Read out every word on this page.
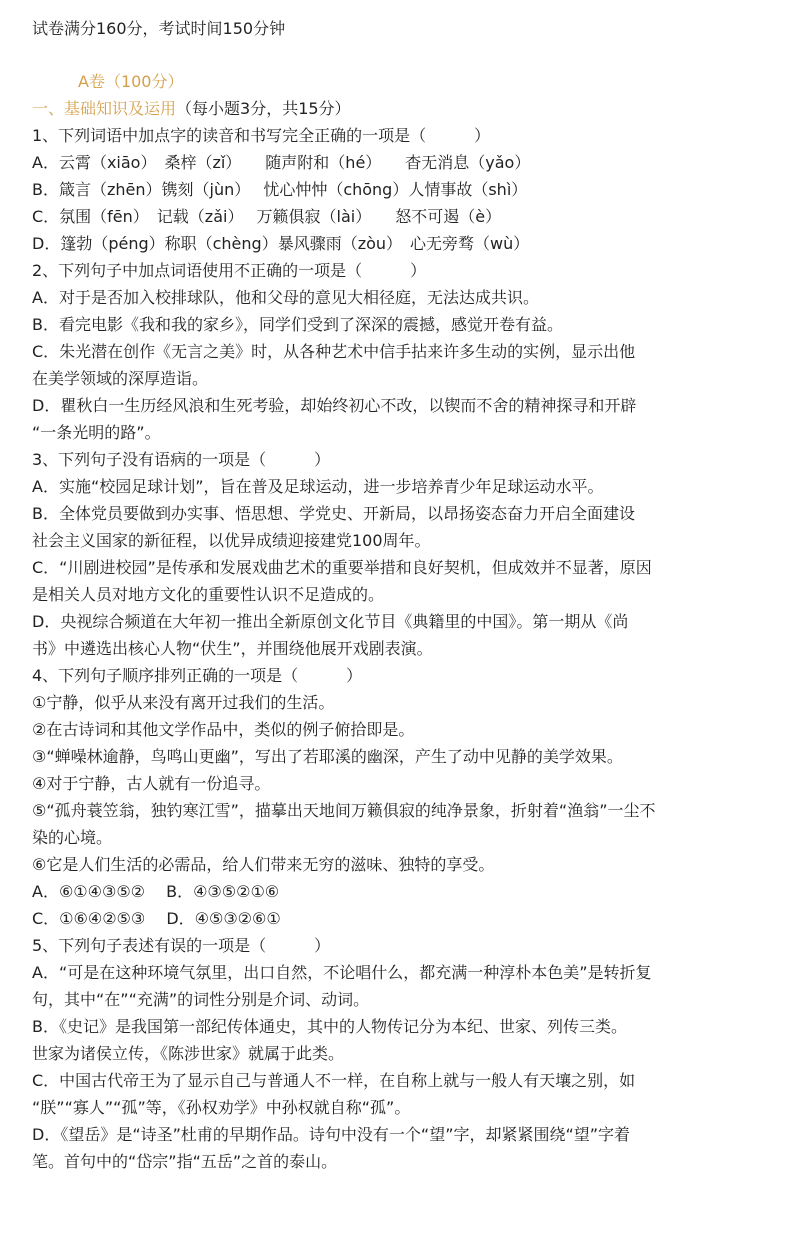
试卷满分160分，考试时间150分钟
A卷（100分）
一、基础知识及运用（每小题3分，共15分）
1、下列词语中加点字的读音和书写完全正确的一项是（　　　）
A．云霄（xiāo）　桑梓（zǐ）　　随声附和（hé）　　杳无消息（yǎo）
B．箴言（zhēn）镌刻（jùn）　 忧心忡忡（chōng）人情事故（shì）
C．氛围（fēn）　记载（zǎi）　 万籁俱寂（lài）　　怒不可遏（è）
D．篷勃（péng）称职（chèng）暴风骤雨（zòu）　心无旁骛（wù）
2、下列句子中加点词语使用不正确的一项是（　　　）
A．对于是否加入校排球队，他和父母的意见大相径庭，无法达成共识。
B．看完电影《我和我的家乡》，同学们受到了深深的震撼，感觉开卷有益。
C．朱光潜在创作《无言之美》时，从各种艺术中信手拈来许多生动的实例，显示出他
在美学领域的深厚造诣。
D．瞿秋白一生历经风浪和生死考验，却始终初心不改，以锲而不舍的精神探寻和开辟
“一条光明的路”。
3、下列句子没有语病的一项是（　　　）
A．实施“校园足球计划”，旨在普及足球运动，进一步培养青少年足球运动水平。
B．全体党员要做到办实事、悟思想、学党史、开新局，以昂扬姿态奋力开启全面建设
社会主义国家的新征程，以优异成绩迎接建党100周年。
C．“川剧进校园”是传承和发展戏曲艺术的重要举措和良好契机，但成效并不显著，原因
是相关人员对地方文化的重要性认识不足造成的。
D．央视综合频道在大年初一推出全新原创文化节目《典籍里的中国》。第一期从《尚
书》中遴选出核心人物“伏生”，并围绕他展开戏剧表演。
4、下列句子顺序排列正确的一项是（　　　）
①宁静，似乎从来没有离开过我们的生活。
②在古诗词和其他文学作品中，类似的例子俯拾即是。
③“蝉噪林逾静，鸟鸣山更幽”，写出了若耶溪的幽深，产生了动中见静的美学效果。
④对于宁静，古人就有一份追寻。
⑤“孤舟蓑笠翁，独钓寒江雪”，描摹出天地间万籁俱寂的纯净景象，折射着“渔翁”一尘不
染的心境。
⑥它是人们生活的必需品，给人们带来无穷的滋味、独特的享受。
A．⑥①④③⑤②　 B．④③⑤②①⑥
C．①⑥④②⑤③　 D．④⑤③②⑥①
5、下列句子表述有误的一项是（　　　）
A．“可是在这种环境气氛里，出口自然，不论唱什么，都充满一种淳朴本色美”是转折复
句，其中“在”“充满”的词性分别是介词、动词。
B．《史记》是我国第一部纪传体通史，其中的人物传记分为本纪、世家、列传三类。
世家为诸侯立传，《陈涉世家》就属于此类。
C．中国古代帝王为了显示自己与普通人不一样，在自称上就与一般人有天壤之别，如
“朕”“寡人”“孤”等，《孙权劝学》中孙权就自称“孤”。
D．《望岳》是“诗圣”杜甫的早期作品。诗句中没有一个“望”字，却紧紧围绕“望”字着
笔。首句中的“岱宗”指“五岳”之首的泰山。
